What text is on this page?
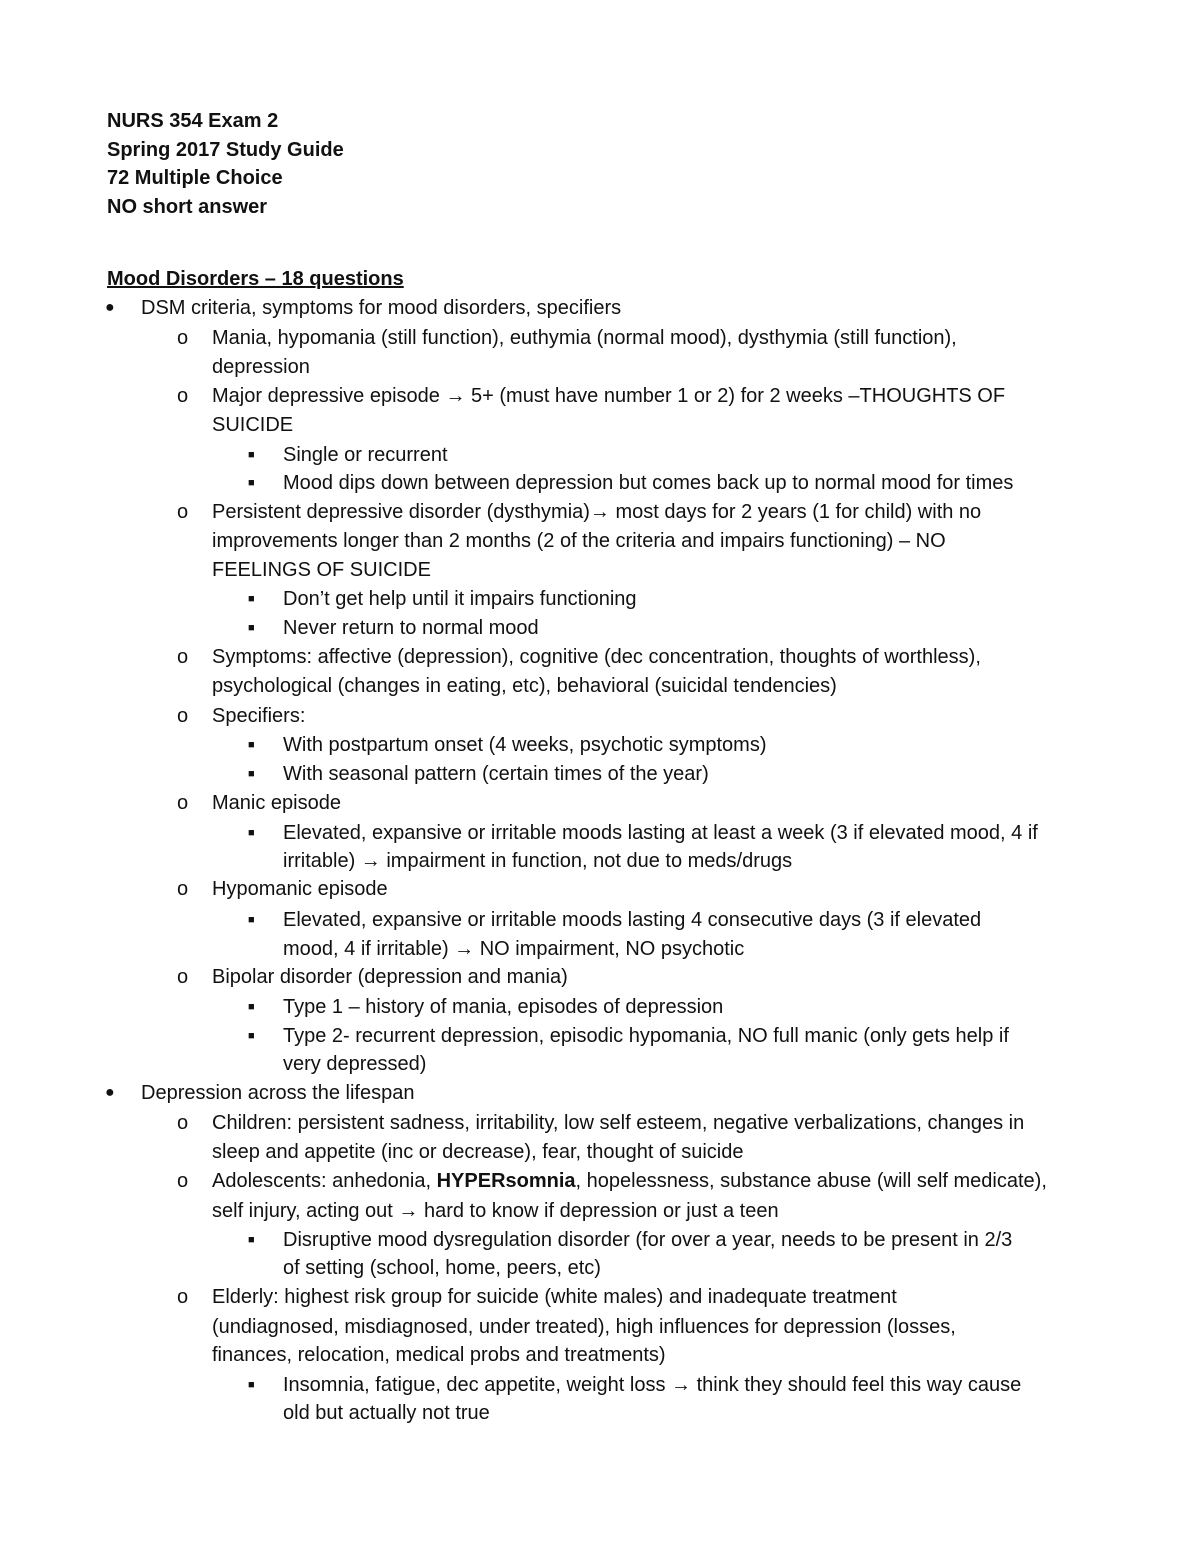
NURS 354 Exam 2
Spring 2017 Study Guide
72 Multiple Choice
NO short answer
Mood Disorders – 18 questions
● DSM criteria, symptoms for mood disorders, specifiers
o Mania, hypomania (still function), euthymia (normal mood), dysthymia (still function),
depression
o Major depressive episode → 5+ (must have number 1 or 2) for 2 weeks –THOUGHTS OF
SUICIDE
■ Single or recurrent
■ Mood dips down between depression but comes back up to normal mood for times
o Persistent depressive disorder (dysthymia)→ most days for 2 years (1 for child) with no
improvements longer than 2 months (2 of the criteria and impairs functioning) – NO
FEELINGS OF SUICIDE
■ Don’t get help until it impairs functioning
■ Never return to normal mood
o Symptoms: affective (depression), cognitive (dec concentration, thoughts of worthless),
psychological (changes in eating, etc), behavioral (suicidal tendencies)
o Specifiers:
■ With postpartum onset (4 weeks, psychotic symptoms)
■ With seasonal pattern (certain times of the year)
o Manic episode
■ Elevated, expansive or irritable moods lasting at least a week (3 if elevated mood, 4 if
irritable) → impairment in function, not due to meds/drugs
o Hypomanic episode
■ Elevated, expansive or irritable moods lasting 4 consecutive days (3 if elevated
mood, 4 if irritable) → NO impairment, NO psychotic
o Bipolar disorder (depression and mania)
■ Type 1 – history of mania, episodes of depression
■ Type 2- recurrent depression, episodic hypomania, NO full manic (only gets help if
very depressed)
● Depression across the lifespan
o Children: persistent sadness, irritability, low self esteem, negative verbalizations, changes in
sleep and appetite (inc or decrease), fear, thought of suicide
o Adolescents: anhedonia, HYPERsomnia, hopelessness, substance abuse (will self medicate),
self injury, acting out → hard to know if depression or just a teen
■ Disruptive mood dysregulation disorder (for over a year, needs to be present in 2/3
of setting (school, home, peers, etc)
o Elderly: highest risk group for suicide (white males) and inadequate treatment
(undiagnosed, misdiagnosed, under treated), high influences for depression (losses,
finances, relocation, medical probs and treatments)
■ Insomnia, fatigue, dec appetite, weight loss → think they should feel this way cause
old but actually not true
